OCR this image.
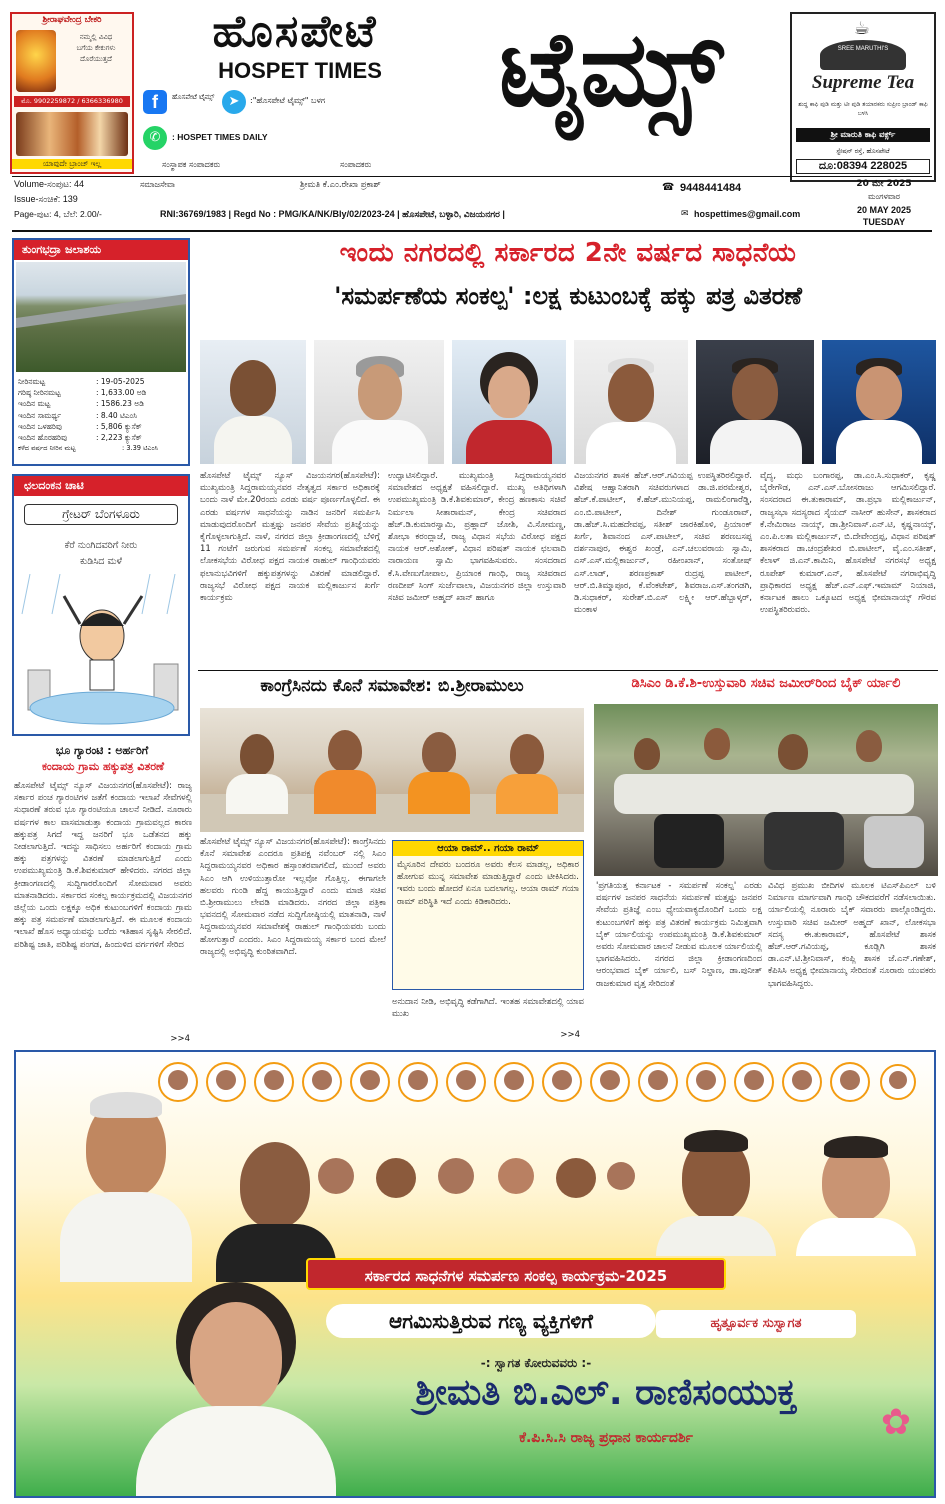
ಶ್ರೀರಾಘವೇಂದ್ರ ಬೇಕರಿ
ನಮ್ಮಲ್ಲಿ ವಿವಿಧ
ಬಗೆಯ ಕೇಕುಗಳು
ದೊರೆಯುತ್ತದೆ
ಮೊ. 9902259872 / 6366336980
ಯಾವುದೇ ಬ್ರಾಂಚ್ ಇಲ್ಲ
ಹೊಸಪೇಟೆ
HOSPET TIMES	ಟೈಮ್ಸ್
f	ಹೊಸಪೇಟೆ ಟೈಮ್ಸ್	➤	:"ಹೊಸಪೇಟೆ ಟೈಮ್ಸ್" ಬಳಗ
✆	: HOSPET TIMES DAILY
ಸಂಸ್ಥಾಪಕ ಸಂಪಾದಕರು	ಸಂಪಾದಕರು
☕
SREE MARUTHI'S
Supreme Tea
ಶುದ್ಧ ಕಾಫಿ ಪುಡಿ ಮತ್ತು ಟೀ ಪುಡಿ ತಯಾರಕರು ಸುಪ್ರೀಂ ಬ್ರಾಂಡ್ ಕಾಫಿ ಬಳಸಿ
ಶ್ರೀ ಮಾರುತಿ ಕಾಫಿ ವರ್ಕ್ಸ್
ಸ್ಟೇಷನ್ ರಸ್ತೆ, ಹೊಸಪೇಟೆ
ದೂ:08394 228025
Volume-ಸಂಪುಟ: 44	ಸಮಾಜಸೇವಾ	ಶ್ರೀಮತಿ ಕೆ.ಎಂ.ರೇಖಾ ಪ್ರಕಾಶ್	☎ 9448441484	20 ಮೇ 2025
ಮಂಗಳವಾರ
Issue-ಸಂಚಿಕೆ: 139
Page-ಪುಟ: 4, ಬೆಲೆ: 2.00/-	RNI:36769/1983 | Regd No : PMG/KA/NK/Bly/02/2023-24 | ಹೊಸಪೇಟೆ, ಬಳ್ಳಾರಿ, ವಿಜಯನಗರ |	✉ hospettimes@gmail.com	20 MAY 2025
TUESDAY
ತುಂಗಭದ್ರಾ ಜಲಾಶಯ
ನೀರಿನಮಟ್ಟ	: 19-05-2025
ಗರಿಷ್ಠ ನೀರಿನಮಟ್ಟ	: 1,633.00 ಅಡಿ
ಇಂದಿನ ಮಟ್ಟ	: 1586.23 ಅಡಿ
ಇಂದಿನ ಸಾಮರ್ಥ್ಯ	: 8.40 ಟಿಎಂಸಿ
ಇಂದಿನ ಒಳಹರಿವು	: 5,806 ಕ್ಯುಸೆಕ್
ಇಂದಿನ ಹೊರಹರಿವು	: 2,223 ಕ್ಯುಸೆಕ್
ಕಳೆದ ವರ್ಷದ ನೀರಿನ ಮಟ್ಟ	: 3.39 ಟಿಎಂಸಿ
ಛಲದಂಕನ ಚಾಟಿ
ಗ್ರೇಟರ್ ಬೆಂಗಳೂರು
ಕೆರೆ ನುಂಗಿದವರಿಗೆ ನೀರು
ಕುಡಿಸಿದ ಮಳೆ
ಭೂ ಗ್ಯಾರಂಟಿ : ಅರ್ಹರಿಗೆ
ಕಂದಾಯ ಗ್ರಾಮ ಹಕ್ಕುಪತ್ರ ವಿತರಣೆ
ಹೊಸಪೇಟೆ ಟೈಮ್ಸ್ ನ್ಯೂಸ್ ವಿಜಯನಗರ(ಹೊಸಪೇಟೆ): ರಾಜ್ಯ ಸರ್ಕಾರ ಪಂಚ ಗ್ಯಾರಂಟಿಗಳ ಜತೆಗೆ ಕಂದಾಯ ಇಲಾಖೆ ಸೇವೆಗಳಲ್ಲಿ ಸುಧಾರಣೆ ತರುವ ಭೂ ಗ್ಯಾರಂಟಿಯೂ ಚಾಲನೆ ನೀಡಿದೆ. ನೂರಾರು ವರ್ಷಗಳ ಕಾಲ ವಾಸಮಾಡುತ್ತಾ ಕಂದಾಯ ಗ್ರಾಮವಲ್ಲದ ಕಾರಣ ಹಕ್ಕುಪತ್ರ ಸಿಗದೆ ಇದ್ದ ಜನರಿಗೆ ಭೂ ಒಡೆತನದ ಹಕ್ಕು ನೀಡಲಾಗುತ್ತಿದೆ. ಇದನ್ನು ಸಾಧಿಸಲು ಅರ್ಹರಿಗೆ ಕಂದಾಯ ಗ್ರಾಮ ಹಕ್ಕು ಪತ್ರಗಳನ್ನು ವಿತರಣೆ ಮಾಡಲಾಗುತ್ತಿದೆ ಎಂದು ಉಪಮುಖ್ಯಮಂತ್ರಿ ಡಿ.ಕೆ.ಶಿವಕುಮಾರ್ ಹೇಳಿದರು. ನಗರದ ಜಿಲ್ಲಾ ಕ್ರೀಡಾಂಗಣದಲ್ಲಿ ಸುದ್ದಿಗಾರರೊಂದಿಗೆ ಸೋಮವಾರ ಅವರು ಮಾತನಾಡಿದರು. ಸರ್ಕಾರದ ಸಂಕಲ್ಪ ಕಾರ್ಯಕ್ರಮದಲ್ಲಿ ವಿಜಯನಗರ ಜಿಲ್ಲೆಯ ಒಂದು ಲಕ್ಷಕ್ಕೂ ಅಧಿಕ ಕುಟುಂಬಗಳಿಗೆ ಕಂದಾಯ ಗ್ರಾಮ ಹಕ್ಕು ಪತ್ರ ಸಮರ್ಪಣೆ ಮಾಡಲಾಗುತ್ತಿದೆ. ಈ ಮೂಲಕ ಕಂದಾಯ ಇಲಾಖೆ ಹೊಸ ಅಧ್ಯಾಯವನ್ನು ಬರೆದು ಇತಿಹಾಸ ಸೃಷ್ಟಿಸಿ ಸೇರಲಿದೆ. ಪರಿಶಿಷ್ಟ ಜಾತಿ, ಪರಿಶಿಷ್ಟ ಪಂಗಡ, ಹಿಂದುಳಿದ ವರ್ಗಗಳಿಗೆ ಸೇರಿದ
>>4
ಇಂದು ನಗರದಲ್ಲಿ ಸರ್ಕಾರದ 2ನೇ ವರ್ಷದ ಸಾಧನೆಯ
'ಸಮರ್ಪಣೆಯ ಸಂಕಲ್ಪ' :ಲಕ್ಷ ಕುಟುಂಬಕ್ಕೆ ಹಕ್ಕು ಪತ್ರ ವಿತರಣೆ
ಹೊಸಪೇಟೆ ಟೈಮ್ಸ್ ನ್ಯೂಸ್ ವಿಜಯನಗರ(ಹೊಸಪೇಟೆ): ಮುಖ್ಯಮಂತ್ರಿ ಸಿದ್ದರಾಮಯ್ಯನವರ ನೇತೃತ್ವದ ಸರ್ಕಾರ ಅಧಿಕಾರಕ್ಕೆ ಬಂದು ನಾಳೆ ಮೇ.20ರಂದು ಎರಡು ವರ್ಷ ಪೂರ್ಣಗೊಳ್ಳಲಿದೆ. ಈ ಎರಡು ವರ್ಷಗಳ ಸಾಧನೆಯನ್ನು ನಾಡಿನ ಜನರಿಗೆ ಸಮರ್ಪಿಸಿ ಮಾಡುವುದರೊಂದಿಗೆ ಮತ್ತಷ್ಟು ಜನಪರ ಸೇವೆಯ ಪ್ರತಿಜ್ಞೆಯನ್ನು ಕೈಗೊಳ್ಳಲಾಗುತ್ತಿದೆ. ನಾಳೆ, ನಗರದ ಜಿಲ್ಲಾ ಕ್ರೀಡಾಂಗಣದಲ್ಲಿ ಬೆಳಿಗ್ಗೆ 11 ಗಂಟೆಗೆ ಜರುಗುವ ಸಮರ್ಪಣೆ ಸಂಕಲ್ಪ ಸಮಾವೇಶದಲ್ಲಿ ಲೋಕಸಭೆಯ ವಿರೋಧ ಪಕ್ಷದ ನಾಯಕ ರಾಹುಲ್ ಗಾಂಧಿಯವರು ಫಲಾನುಭವಿಗಳಿಗೆ ಹಕ್ಕುಪತ್ರಗಳನ್ನು ವಿತರಣೆ ಮಾಡಲಿದ್ದಾರೆ. ರಾಜ್ಯಸಭೆ ವಿರೋಧ ಪಕ್ಷದ ನಾಯಕ ಮಲ್ಲಿಕಾರ್ಜುನ ಖರ್ಗೆ ಕಾರ್ಯಕ್ರಮ
ಉದ್ಘಾಟಿಸಲಿದ್ದಾರೆ. ಮುಖ್ಯಮಂತ್ರಿ ಸಿದ್ದರಾಮಯ್ಯನವರ ಸಮಾವೇಶದ ಅಧ್ಯಕ್ಷತೆ ವಹಿಸಲಿದ್ದಾರೆ. ಮುಖ್ಯ ಅತಿಥಿಗಳಾಗಿ ಉಪಮುಖ್ಯಮಂತ್ರಿ ಡಿ.ಕೆ.ಶಿವಕುಮಾರ್, ಕೇಂದ್ರ ಹಣಕಾಸು ಸಚಿವೆ ನಿರ್ಮಲಾ ಸೀತಾರಾಮನ್, ಕೇಂದ್ರ ಸಚಿವರಾದ ಹೆಚ್.ಡಿ.ಕುಮಾರಸ್ವಾಮಿ, ಪ್ರಹ್ಲಾದ್ ಜೋಶಿ, ವಿ.ಸೋಮಣ್ಣ, ಶೋಭಾ ಕರಂದ್ಲಾಜೆ, ರಾಜ್ಯ ವಿಧಾನ ಸಭೆಯ ವಿರೋಧ ಪಕ್ಷದ ನಾಯಕ ಆರ್.ಅಶೋಕ್, ವಿಧಾನ ಪರಿಷತ್ ನಾಯಕ ಛಲವಾದಿ ನಾರಾಯಣ ಸ್ವಾಮಿ ಭಾಗವಹಿಸುವರು. ಸಂಸದರಾದ ಕೆ.ಸಿ.ವೇಣುಗೋಪಾಲ, ಪ್ರಿಯಾಂಕ ಗಾಂಧಿ, ರಾಜ್ಯ ಸಚಿವರಾದ ರಣದೀಪ್ ಸಿಂಗ್ ಸುರ್ಜೆವಾಲಾ, ವಿಜಯನಗರ ಜಿಲ್ಲಾ ಉಸ್ತುವಾರಿ ಸಚಿವ ಜಮೀರ್ ಅಹ್ಮದ್ ಖಾನ್ ಹಾಗೂ
ವಿಜಯನಗರ ಶಾಸಕ ಹೆಚ್.ಆರ್.ಗವಿಯಪ್ಪ ಉಪಸ್ಥಿತರಿರಲಿದ್ದಾರೆ. ವಿಶೇಷ ಆಹ್ವಾನಿತರಾಗಿ ಸಚಿವರುಗಳಾದ ಡಾ.ಜಿ.ಪರಮೇಶ್ವರ, ಹೆಚ್.ಕೆ.ಪಾಟೀಲ್, ಕೆ.ಹೆಚ್.ಮುನಿಯಪ್ಪ, ರಾಮಲಿಂಗಾರೆಡ್ಡಿ, ಎಂ.ಬಿ.ಪಾಟೀಲ್, ದಿನೇಶ್ ಗುಂಡೂರಾವ್, ಡಾ.ಹೆಚ್.ಸಿ.ಮಹದೇವಪ್ಪ, ಸತೀಶ್ ಜಾರಕಿಹೊಳಿ, ಪ್ರಿಯಾಂಕ್ ಖರ್ಗೆ, ಶಿವಾನಂದ ಎಸ್.ಪಾಟೀಲ್, ಸಚಿವ ಶರಣಬಸಪ್ಪ ದರ್ಶನಾಪುರ, ಈಶ್ವರ ಖಂಡ್ರೆ, ಎನ್.ಚಲುವರಾಯ ಸ್ವಾಮಿ, ಎಸ್.ಎಸ್.ಮಲ್ಲಿಕಾರ್ಜುನ್, ರಹೀಂಖಾನ್, ಸಂತೋಷ್ ಎಸ್.ಲಾಡ್, ಶರಣಪ್ರಕಾಶ್ ರುದ್ರಪ್ಪ ಪಾಟೀಲ್, ಆರ್.ಬಿ.ತಿಮ್ಮಾಪೂರ, ಕೆ.ವೆಂಕಟೇಶ್, ಶಿವರಾಜ.ಎಸ್.ತಂಗಡಗಿ, ಡಿ.ಸುಧಾಕರ್, ಸುರೇಶ್.ಬಿ.ಎಸ್ ಲಕ್ಷ್ಮೀ ಆರ್.ಹೆಬ್ಬಾಳ್ಕರ್, ಮಂಕಾಳ
ವೈದ್ಯ, ಮಧು ಬಂಗಾರಪ್ಪ, ಡಾ.ಎಂ.ಸಿ.ಸುಧಾಕರ್, ಕೃಷ್ಣ ಬೈರೇಗೌಡ, ಎನ್.ಎಸ್.ಬೋಸರಾಜು ಆಗಮಿಸಲಿದ್ದಾರೆ. ಸಂಸದರಾದ ಈ.ತುಕಾರಾಮ್, ಡಾ.ಪ್ರಭಾ ಮಲ್ಲಿಕಾರ್ಜುನ್, ರಾಜ್ಯಸಭಾ ಸದಸ್ಯರಾದ ಸೈಯದ್ ನಾಸೀರ್ ಹುಸೇನ್, ಶಾಸಕರಾದ ಕೆ.ನೇಮಿರಾಜ ನಾಯ್ಕ್, ಡಾ.ಶ್ರೀನಿವಾಸ್.ಎನ್.ಟಿ, ಕೃಷ್ಣನಾಯ್ಕ್, ಎಂ.ಪಿ.ಲತಾ ಮಲ್ಲಿಕಾರ್ಜುನ್, ಬಿ.ದೇವೇಂದ್ರಪ್ಪ, ವಿಧಾನ ಪರಿಷತ್ ಶಾಸಕರಾದ ಡಾ.ಚಂದ್ರಶೇಖರ ಬಿ.ಪಾಟೀಲ್, ವೈ.ಎಂ.ಸತೀಶ್, ಕೆಲಾಳ್ ಜಿ.ಎನ್.ಕಾಮಿನಿ, ಹೊಸಪೇಟೆ ನಗರಸಭೆ ಅಧ್ಯಕ್ಷ ರೂಪೇಶ್ ಕುಮಾರ್.ಎನ್, ಹೊಸಪೇಟೆ ನಗರಾಭಿವೃದ್ಧಿ ಪ್ರಾಧಿಕಾರದ ಅಧ್ಯಕ್ಷ ಹೆಚ್.ಎನ್.ಎಫ್.ಇಮಾಮ್ ನಿಯಾಜಿ, ಕರ್ನಾಟಕ ಹಾಲು ಒಕ್ಕೂಟದ ಅಧ್ಯಕ್ಷ ಭೀಮಾನಾಯ್ಕ್ ಗೌರವ ಉಪಸ್ಥಿತರಿರುವರು.
ಕಾಂಗ್ರೆಸಿನದು ಕೊನೆ ಸಮಾವೇಶ: ಬಿ.ಶ್ರೀರಾಮುಲು
ಹೊಸಪೇಟೆ ಟೈಮ್ಸ್ ನ್ಯೂಸ್ ವಿಜಯನಗರ(ಹೊಸಪೇಟೆ): ಕಾಂಗ್ರೆಸಿನದು ಕೊನೆ ಸಮಾವೇಶ ಎಂದರೂ ಪ್ರತಿಪಕ್ಷ ನವೆಂಬರ್ ನಲ್ಲಿ ಸಿಎಂ ಸಿದ್ದರಾಮಯ್ಯನವರ ಅಧಿಕಾರ ಹಸ್ತಾಂತರವಾಗಲಿದೆ, ಮುಂದೆ ಅವರು ಸಿಎಂ ಆಗಿ ಉಳಿಯುತ್ತಾರೋ ಇಲ್ಲವೋ ಗೊತ್ತಿಲ್ಲ. ಈಗಾಗಲೇ ಹಲವರು ಗುಂಡಿ ಹೆದ್ದ ಕಾಯುತ್ತಿದ್ದಾರೆ ಎಂದು ಮಾಜಿ ಸಚಿವ ಬಿ.ಶ್ರೀರಾಮುಲು ಲೇವಡಿ ಮಾಡಿದರು. ನಗರದ ಜಿಲ್ಲಾ ಪತ್ರಿಕಾ ಭವನದಲ್ಲಿ ಸೋಮವಾರ ನಡೆದ ಸುದ್ದಿಗೋಷ್ಠಿಯಲ್ಲಿ ಮಾತನಾಡಿ, ನಾಳೆ ಸಿದ್ದರಾಮಯ್ಯನವರ ಸಮಾವೇಶಕ್ಕೆ ರಾಹುಲ್ ಗಾಂಧಿಯವರು ಬಂದು ಹೋಗುತ್ತಾರೆ ಎಂದರು. ಸಿಎಂ ಸಿದ್ದರಾಮಯ್ಯ ಸರ್ಕಾರ ಬಂದ ಮೇಲೆ ರಾಜ್ಯದಲ್ಲಿ ಅಭಿವೃದ್ಧಿ ಕುಂಠಿತವಾಗಿದೆ.
ಆಯಾ ರಾಮ್.. ಗಯಾ ರಾಮ್
ಮೈಸೂರಿನ ದೇವರು ಬಂದರೂ ಅವರು ಕೆಲಸ ಮಾಡಲ್ಲ, ಅಧಿಕಾರ ಹೋಗುವ ಮುನ್ನ ಸಮಾವೇಶ ಮಾಡುತ್ತಿದ್ದಾರೆ ಎಂದು ಟೀಕಿಸಿದರು. ಇವರು ಬಂದು ಹೋದರೆ ಏನೂ ಬದಲಾಗಲ್ಲ. ಆಯಾ ರಾಮ್ ಗಯಾ ರಾಮ್ ಪರಿಸ್ಥಿತಿ ಇದೆ ಎಂದು ಕಿಡಿಕಾರಿದರು.
ಅನುದಾನ ನೀಡಿ, ಅಭಿವೃದ್ಧಿ ಕಡೆಗಾಗಿದೆ. ಇಂತಹ ಸಮಾವೇಶದಲ್ಲಿ ಯಾವ ಮುಖ
>>4
ಡಿಸಿಎಂ ಡಿ.ಕೆ.ಶಿ-ಉಸ್ತುವಾರಿ ಸಚಿವ ಜಮೀರ್‌ರಿಂದ ಬೈಕ್ ರ್ಯಾಲಿ
'ಪ್ರಗತಿಯತ್ತ ಕರ್ನಾಟಕ - ಸಮರ್ಪಣೆ ಸಂಕಲ್ಪ' ಎರಡು ವರ್ಷಗಳ ಜನಪರ ಸಾಧನೆಯ ಸಮರ್ಪಣೆ ಮತ್ತಷ್ಟು ಜನಪರ ಸೇವೆಯ ಪ್ರತಿಜ್ಞೆ ಎಂಬ ಧ್ಯೇಯವಾಕ್ಯದೊಂದಿಗೆ ಒಂದು ಲಕ್ಷ ಕುಟುಂಬಗಳಿಗೆ ಹಕ್ಕು ಪತ್ರ ವಿತರಣೆ ಕಾರ್ಯಕ್ರಮ ನಿಮಿತ್ತವಾಗಿ ಬೈಕ್ ರ್ಯಾಲಿಯನ್ನು ಉಪಮುಖ್ಯಮಂತ್ರಿ ಡಿ.ಕೆ.ಶಿವಕುಮಾರ್ ಅವರು ಸೋಮವಾರ ಚಾಲನೆ ನೀಡುವ ಮೂಲಕ ರ್ಯಾಲಿಯಲ್ಲಿ ಭಾಗವಹಿಸಿದರು. ನಗರದ ಜಿಲ್ಲಾ ಕ್ರೀಡಾಂಗಣದಿಂದ ಆರಂಭವಾದ ಬೈಕ್ ರ್ಯಾಲಿ, ಬಸ್ ನಿಲ್ದಾಣ, ಡಾ.ಪುನೀತ್ ರಾಜಕುಮಾರ ವೃತ್ತ ಸೇರಿದಂತೆ
ವಿವಿಧ ಪ್ರಮುಖ ಬೀದಿಗಳ ಮೂಲಕ ಟಿಎಸ್‌ಪಿ‌ಎಲ್ ಬಳಿ ನಿರ್ಮಾಣ ಮಾರ್ಗವಾಗಿ ಗಾಂಧಿ ಚೌಕದವರೆಗೆ ನಡೆಸಲಾಯಿತು. ರ್ಯಾಲಿಯಲ್ಲಿ ನೂರಾರು ಬೈಕ್ ಸವಾರರು ಪಾಲ್ಗೊಂಡಿದ್ದರು. ಉಸ್ತುವಾರಿ ಸಚಿವ ಜಮೀರ್ ಅಹ್ಮದ್ ಖಾನ್, ಲೋಕಸಭಾ ಸದಸ್ಯ ಈ.ತುಕಾರಾಮ್, ಹೊಸಪೇಟೆ ಶಾಸಕ ಹೆಚ್.ಆರ್.ಗವಿಯಪ್ಪ, ಕೂಡ್ಲಿಗಿ ಶಾಸಕ ಡಾ.ಎನ್.ಟಿ.ಶ್ರೀನಿವಾಸ್, ಕಂಪ್ಲಿ ಶಾಸಕ ಜೆ.ಎನ್.ಗಣೇಶ್, ಕೆಪಿಸಿಸಿ ಅಧ್ಯಕ್ಷ ಭೀಮಾನಾಯ್ಕ ಸೇರಿದಂತೆ ನೂರಾರು ಯುವಕರು ಭಾಗವಹಿಸಿದ್ದರು.
ಸರ್ಕಾರದ ಸಾಧನೆಗಳ ಸಮರ್ಪಣ ಸಂಕಲ್ಪ ಕಾರ್ಯಕ್ರಮ-2025
ಆಗಮಿಸುತ್ತಿರುವ ಗಣ್ಯ ವ್ಯಕ್ತಿಗಳಿಗೆ	ಹೃತ್ಪೂರ್ವಕ ಸುಸ್ವಾಗತ
-: ಸ್ವಾಗತ ಕೋರುವವರು :-
ಶ್ರೀಮತಿ ಬಿ.ಎಲ್. ರಾಣಿಸಂಯುಕ್ತ
ಕೆ.ಪಿ.ಸಿ.ಸಿ ರಾಜ್ಯ ಪ್ರಧಾನ ಕಾರ್ಯದರ್ಶಿ	✿
